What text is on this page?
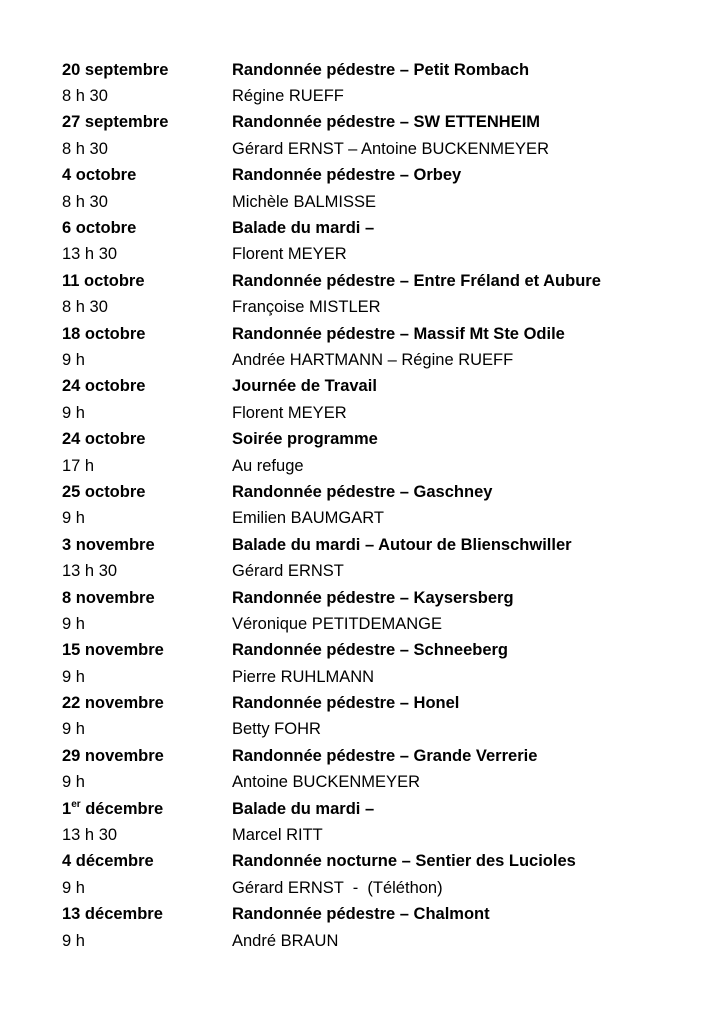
20 septembre	Randonnée pédestre – Petit Rombach
8 h 30	Régine RUEFF
27 septembre	Randonnée pédestre – SW ETTENHEIM
8 h 30	Gérard ERNST – Antoine BUCKENMEYER
4 octobre	Randonnée pédestre – Orbey
8 h 30	Michèle BALMISSE
6 octobre	Balade du mardi –
13 h 30	Florent MEYER
11 octobre	Randonnée pédestre – Entre Fréland et Aubure
8 h 30	Françoise MISTLER
18 octobre	Randonnée pédestre – Massif Mt Ste Odile
9 h	Andrée HARTMANN – Régine RUEFF
24 octobre	Journée de Travail
9 h	Florent MEYER
24 octobre	Soirée programme
17 h	Au refuge
25 octobre	Randonnée pédestre – Gaschney
9 h	Emilien BAUMGART
3 novembre	Balade du mardi – Autour de Blienschwiller
13 h 30	Gérard ERNST
8 novembre	Randonnée pédestre – Kaysersberg
9 h	Véronique PETITDEMANGE
15 novembre	Randonnée pédestre – Schneeberg
9 h	Pierre RUHLMANN
22 novembre	Randonnée pédestre – Honel
9 h	Betty FOHR
29 novembre	Randonnée pédestre – Grande Verrerie
9 h	Antoine BUCKENMEYER
1er décembre	Balade du mardi –
13 h 30	Marcel RITT
4 décembre	Randonnée nocturne – Sentier des Lucioles
9 h	Gérard ERNST  -  (Téléthon)
13 décembre	Randonnée pédestre – Chalmont
9 h	André BRAUN
